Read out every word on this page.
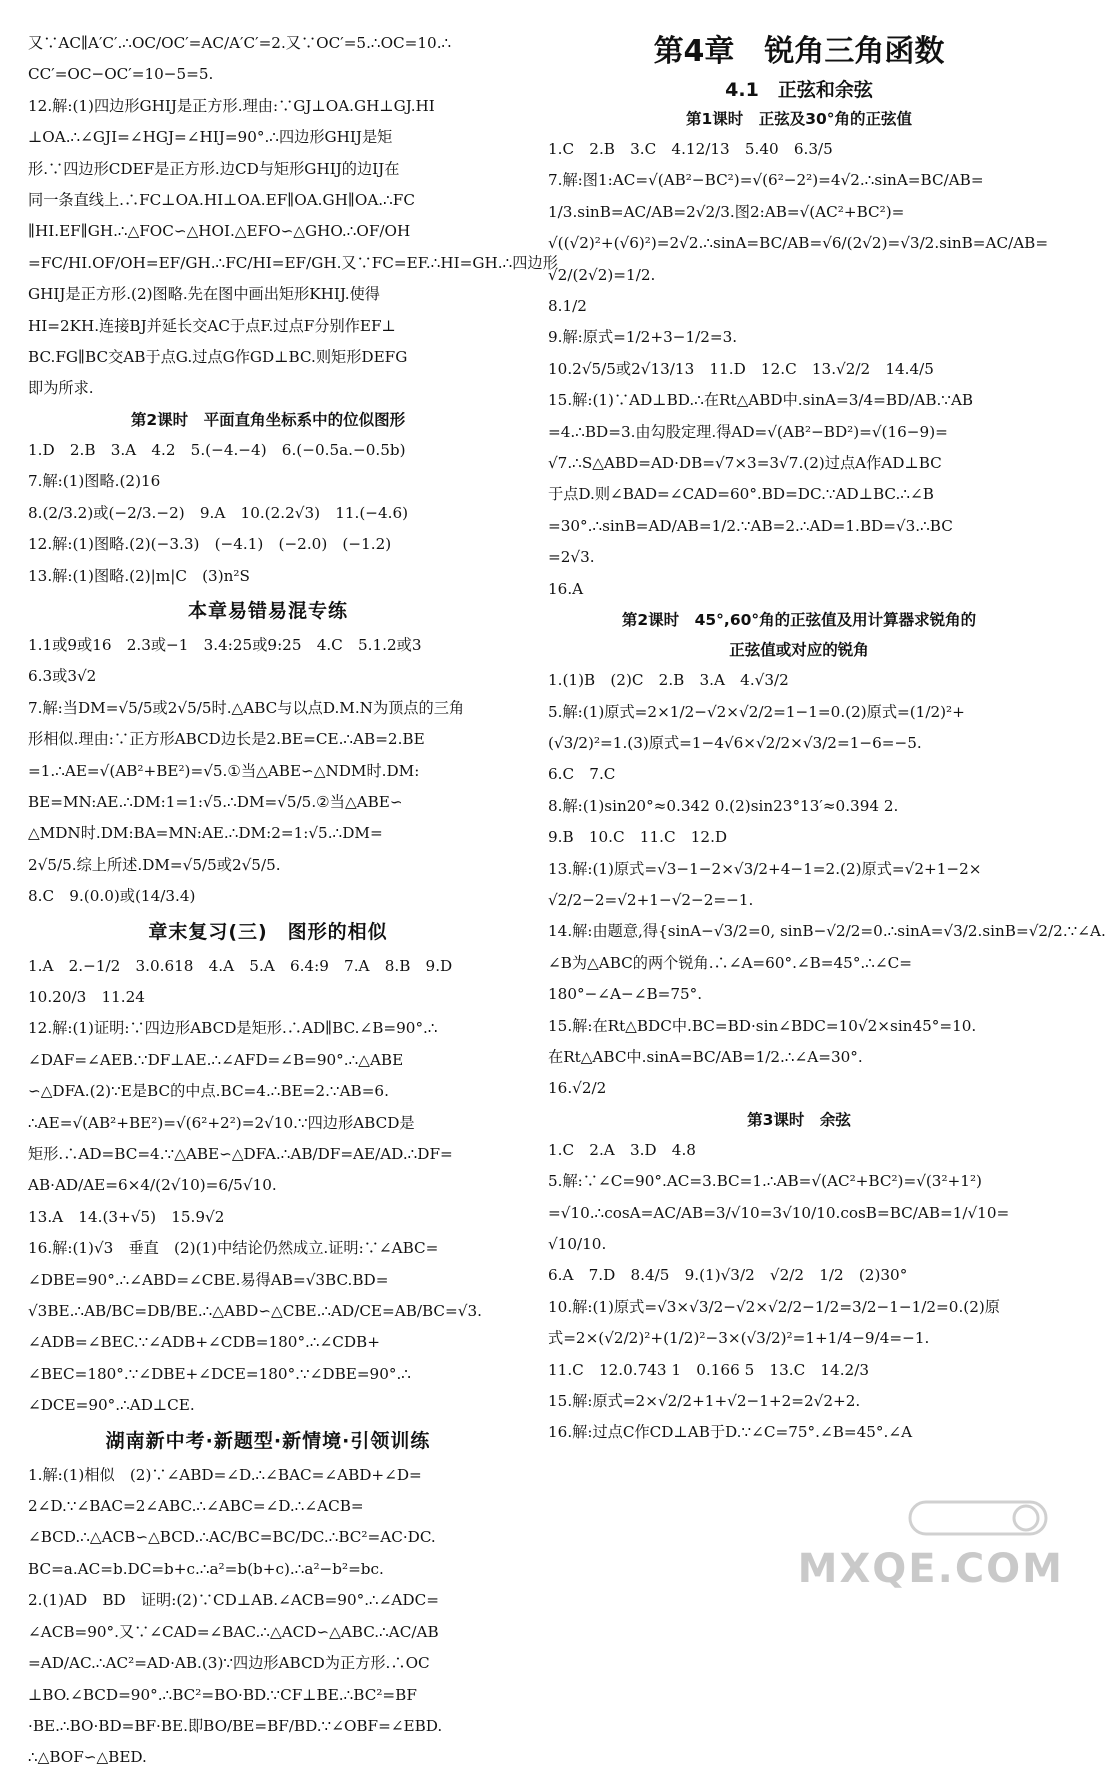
又∵AC∥A′C′.∴OC/OC′=AC/A′C′=2.又∵OC′=5.∴OC=10.∴
CC′=OC−OC′=10−5=5.
12.解:(1)四边形GHIJ是正方形.理由:∵GJ⊥OA.GH⊥GJ.HI
⊥OA.∴∠GJI=∠HGJ=∠HIJ=90°.∴四边形GHIJ是矩
形.∵四边形CDEF是正方形.边CD与矩形GHIJ的边IJ在
同一条直线上.∴FC⊥OA.HI⊥OA.EF∥OA.GH∥OA.∴FC
∥HI.EF∥GH.∴△FOC∽△HOI.△EFO∽△GHO.∴OF/OH
=FC/HI.OF/OH=EF/GH.∴FC/HI=EF/GH.又∵FC=EF.∴HI=GH.∴四边形
GHIJ是正方形.(2)图略.先在图中画出矩形KHIJ.使得
HI=2KH.连接BJ并延长交AC于点F.过点F分别作EF⊥
BC.FG∥BC交AB于点G.过点G作GD⊥BC.则矩形DEFG
即为所求.
第2课时　平面直角坐标系中的位似图形
1.D　2.B　3.A　4.2　5.(−4.−4)　6.(−0.5a.−0.5b)
7.解:(1)图略.(2)16
8.(2/3.2)或(−2/3.−2)　9.A　10.(2.2√3)　11.(−4.6)
12.解:(1)图略.(2)(−3.3)　(−4.1)　(−2.0)　(−1.2)
13.解:(1)图略.(2)|m|C　(3)n²S
本章易错易混专练
1.1或9或16　2.3或−1　3.4:25或9:25　4.C　5.1.2或3
6.3或3√2
7.解:当DM=√5/5或2√5/5时.△ABC与以点D.M.N为顶点的三角
形相似.理由:∵正方形ABCD边长是2.BE=CE.∴AB=2.BE
=1.∴AE=√(AB²+BE²)=√5.①当△ABE∽△NDM时.DM:
BE=MN:AE.∴DM:1=1:√5.∴DM=√5/5.②当△ABE∽
△MDN时.DM:BA=MN:AE.∴DM:2=1:√5.∴DM=
2√5/5.综上所述.DM=√5/5或2√5/5.
8.C　9.(0.0)或(14/3.4)
章末复习(三)　图形的相似
1.A　2.−1/2　3.0.618　4.A　5.A　6.4:9　7.A　8.B　9.D
10.20/3　11.24
12.解:(1)证明:∵四边形ABCD是矩形.∴AD∥BC.∠B=90°.∴
∠DAF=∠AEB.∵DF⊥AE.∴∠AFD=∠B=90°.∴△ABE
∽△DFA.(2)∵E是BC的中点.BC=4.∴BE=2.∵AB=6.
∴AE=√(AB²+BE²)=√(6²+2²)=2√10.∵四边形ABCD是
矩形.∴AD=BC=4.∵△ABE∽△DFA.∴AB/DF=AE/AD.∴DF=
AB·AD/AE=6×4/(2√10)=6/5√10.
13.A　14.(3+√5)　15.9√2
16.解:(1)√3　垂直　(2)(1)中结论仍然成立.证明:∵∠ABC=
∠DBE=90°.∴∠ABD=∠CBE.易得AB=√3BC.BD=
√3BE.∴AB/BC=DB/BE.∴△ABD∽△CBE.∴AD/CE=AB/BC=√3.
∠ADB=∠BEC.∵∠ADB+∠CDB=180°.∴∠CDB+
∠BEC=180°.∵∠DBE+∠DCE=180°.∵∠DBE=90°.∴
∠DCE=90°.∴AD⊥CE.
湖南新中考·新题型·新情境·引领训练
1.解:(1)相似　(2)∵∠ABD=∠D.∴∠BAC=∠ABD+∠D=
2∠D.∵∠BAC=2∠ABC.∴∠ABC=∠D.∴∠ACB=
∠BCD.∴△ACB∽△BCD.∴AC/BC=BC/DC.∴BC²=AC·DC.
BC=a.AC=b.DC=b+c.∴a²=b(b+c).∴a²−b²=bc.
2.(1)AD　BD　证明:(2)∵CD⊥AB.∠ACB=90°.∴∠ADC=
∠ACB=90°.又∵∠CAD=∠BAC.∴△ACD∽△ABC.∴AC/AB
=AD/AC.∴AC²=AD·AB.(3)∵四边形ABCD为正方形.∴OC
⊥BO.∠BCD=90°.∴BC²=BO·BD.∵CF⊥BE.∴BC²=BF
·BE.∴BO·BD=BF·BE.即BO/BE=BF/BD.∵∠OBF=∠EBD.
∴△BOF∽△BED.
第4章　锐角三角函数
4.1　正弦和余弦
第1课时　正弦及30°角的正弦值
1.C　2.B　3.C　4.12/13　5.40　6.3/5
7.解:图1:AC=√(AB²−BC²)=√(6²−2²)=4√2.∴sinA=BC/AB=
1/3.sinB=AC/AB=2√2/3.图2:AB=√(AC²+BC²)=
√((√2)²+(√6)²)=2√2.∴sinA=BC/AB=√6/(2√2)=√3/2.sinB=AC/AB=
√2/(2√2)=1/2.
8.1/2
9.解:原式=1/2+3−1/2=3.
10.2√5/5或2√13/13　11.D　12.C　13.√2/2　14.4/5
15.解:(1)∵AD⊥BD.∴在Rt△ABD中.sinA=3/4=BD/AB.∵AB
=4.∴BD=3.由勾股定理.得AD=√(AB²−BD²)=√(16−9)=
√7.∴S△ABD=AD·DB=√7×3=3√7.(2)过点A作AD⊥BC
于点D.则∠BAD=∠CAD=60°.BD=DC.∵AD⊥BC.∴∠B
=30°.∴sinB=AD/AB=1/2.∵AB=2.∴AD=1.BD=√3.∴BC
=2√3.
16.A
第2课时　45°,60°角的正弦值及用计算器求锐角的
正弦值或对应的锐角
1.(1)B　(2)C　2.B　3.A　4.√3/2
5.解:(1)原式=2×1/2−√2×√2/2=1−1=0.(2)原式=(1/2)²+
(√3/2)²=1.(3)原式=1−4√6×√2/2×√3/2=1−6=−5.
6.C　7.C
8.解:(1)sin20°≈0.342 0.(2)sin23°13′≈0.394 2.
9.B　10.C　11.C　12.D
13.解:(1)原式=√3−1−2×√3/2+4−1=2.(2)原式=√2+1−2×
√2/2−2=√2+1−√2−2=−1.
14.解:由题意,得{sinA−√3/2=0, sinB−√2/2=0.∴sinA=√3/2.sinB=√2/2.∵∠A.
∠B为△ABC的两个锐角.∴∠A=60°.∠B=45°.∴∠C=
180°−∠A−∠B=75°.
15.解:在Rt△BDC中.BC=BD·sin∠BDC=10√2×sin45°=10.
在Rt△ABC中.sinA=BC/AB=1/2.∴∠A=30°.
16.√2/2
第3课时　余弦
1.C　2.A　3.D　4.8
5.解:∵∠C=90°.AC=3.BC=1.∴AB=√(AC²+BC²)=√(3²+1²)
=√10.∴cosA=AC/AB=3/√10=3√10/10.cosB=BC/AB=1/√10=
√10/10.
6.A　7.D　8.4/5　9.(1)√3/2　√2/2　1/2　(2)30°
10.解:(1)原式=√3×√3/2−√2×√2/2−1/2=3/2−1−1/2=0.(2)原
式=2×(√2/2)²+(1/2)²−3×(√3/2)²=1+1/4−9/4=−1.
11.C　12.0.743 1　0.166 5　13.C　14.2/3
15.解:原式=2×√2/2+1+√2−1+2=2√2+2.
16.解:过点C作CD⊥AB于D.∵∠C=75°.∠B=45°.∠A
MXQE.COM
